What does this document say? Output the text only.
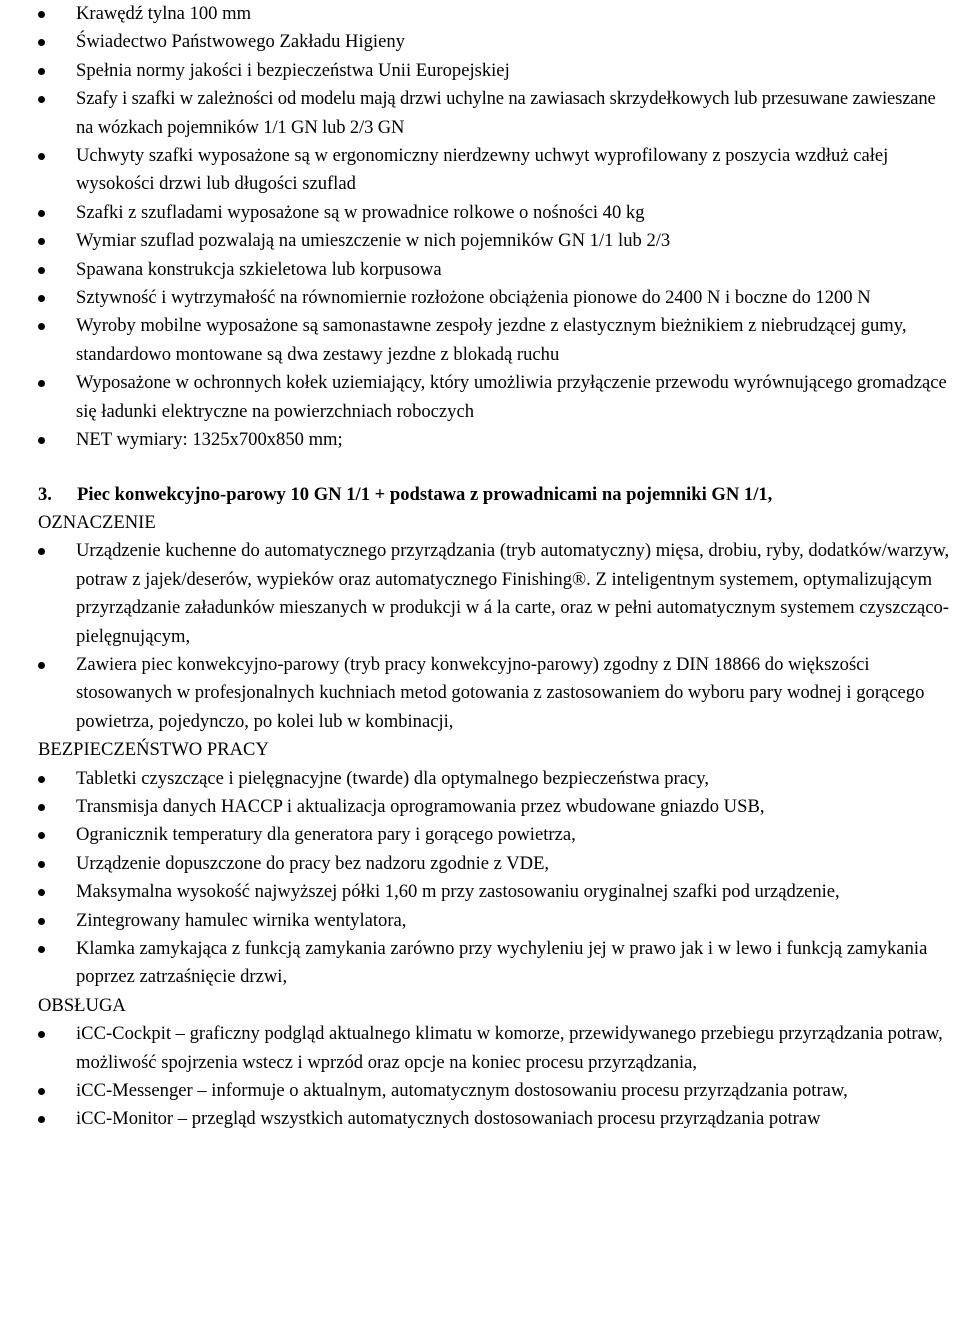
Krawędź tylna 100 mm
Świadectwo Państwowego Zakładu Higieny
Spełnia normy jakości i bezpieczeństwa Unii Europejskiej
Szafy i szafki w zależności od modelu mają drzwi uchylne na zawiasach skrzydełkowych lub przesuwane zawieszane na wózkach pojemników 1/1 GN lub 2/3 GN
Uchwyty szafki wyposażone są w ergonomiczny nierdzewny uchwyt wyprofilowany z poszycia wzdłuż całej wysokości drzwi lub długości szuflad
Szafki z szufladami wyposażone są w prowadnice rolkowe o nośności 40 kg
Wymiar szuflad pozwalają na umieszczenie w nich pojemników GN 1/1 lub 2/3
Spawana konstrukcja szkieletowa lub korpusowa
Sztywność i wytrzymałość na równomiernie rozłożone obciążenia pionowe do 2400 N i boczne do 1200 N
Wyroby mobilne wyposażone są samonastawne zespoły jezdne z elastycznym bieżnikiem z niebrudzącej gumy, standardowo montowane są dwa zestawy jezdne z blokadą ruchu
Wyposażone w ochronnych kołek uziemiający, który umożliwia przyłączenie przewodu wyrównującego gromadzące się ładunki elektryczne na powierzchniach roboczych
NET wymiary: 1325x700x850 mm;
3. Piec konwekcyjno-parowy 10 GN 1/1 + podstawa z prowadnicami na pojemniki GN 1/1,
OZNACZENIE
Urządzenie kuchenne do automatycznego przyrządzania (tryb automatyczny) mięsa, drobiu, ryby, dodatków/warzyw, potraw z jajek/deserów, wypieków oraz automatycznego Finishing®. Z inteligentnym systemem, optymalizującym przyrządzanie załadunków mieszanych w produkcji w á la carte, oraz w pełni automatycznym systemem czyszcząco-pielęgnującym,
Zawiera piec konwekcyjno-parowy (tryb pracy konwekcyjno-parowy) zgodny z DIN 18866 do większości stosowanych w profesjonalnych kuchniach metod gotowania z zastosowaniem do wyboru pary wodnej i gorącego powietrza, pojedynczo, po kolei lub w kombinacji,
BEZPIECZEŃSTWO PRACY
Tabletki czyszczące i pielęgnacyjne (twarde) dla optymalnego bezpieczeństwa pracy,
Transmisja danych HACCP i aktualizacja oprogramowania przez wbudowane gniazdo USB,
Ogranicznik temperatury dla generatora pary i gorącego powietrza,
Urządzenie dopuszczone do pracy bez nadzoru zgodnie z VDE,
Maksymalna wysokość najwyższej półki 1,60 m przy zastosowaniu oryginalnej szafki pod urządzenie,
Zintegrowany hamulec wirnika wentylatora,
Klamka zamykająca z funkcją zamykania zarówno przy wychyleniu jej w prawo jak i w lewo i funkcją zamykania poprzez zatrzaśnięcie drzwi,
OBSŁUGA
iCC-Cockpit – graficzny podgląd aktualnego klimatu w komorze, przewidywanego przebiegu przyrządzania potraw, możliwość spojrzenia wstecz i wprzód oraz opcje na koniec procesu przyrządzania,
iCC-Messenger – informuje o aktualnym, automatycznym dostosowaniu procesu przyrządzania potraw,
iCC-Monitor – przegląd wszystkich automatycznych dostosowaniach procesu przyrządzania potraw
